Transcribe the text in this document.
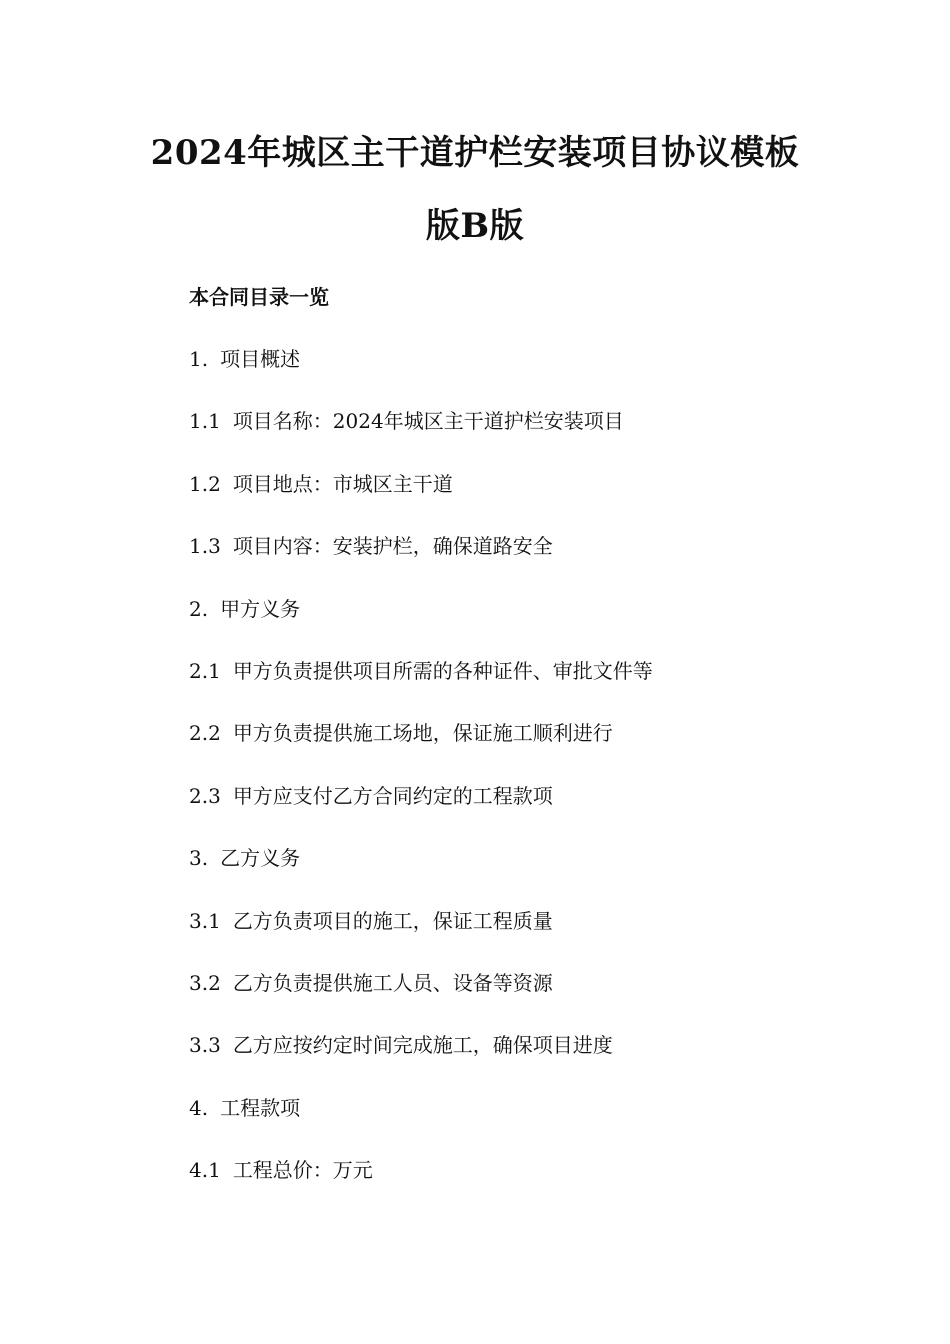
2024年城区主干道护栏安装项目协议模板
版B版
本合同目录一览
1. 项目概述
1.1 项目名称：2024年城区主干道护栏安装项目
1.2 项目地点：市城区主干道
1.3 项目内容：安装护栏，确保道路安全
2. 甲方义务
2.1 甲方负责提供项目所需的各种证件、审批文件等
2.2 甲方负责提供施工场地，保证施工顺利进行
2.3 甲方应支付乙方合同约定的工程款项
3. 乙方义务
3.1 乙方负责项目的施工，保证工程质量
3.2 乙方负责提供施工人员、设备等资源
3.3 乙方应按约定时间完成施工，确保项目进度
4. 工程款项
4.1 工程总价：万元
